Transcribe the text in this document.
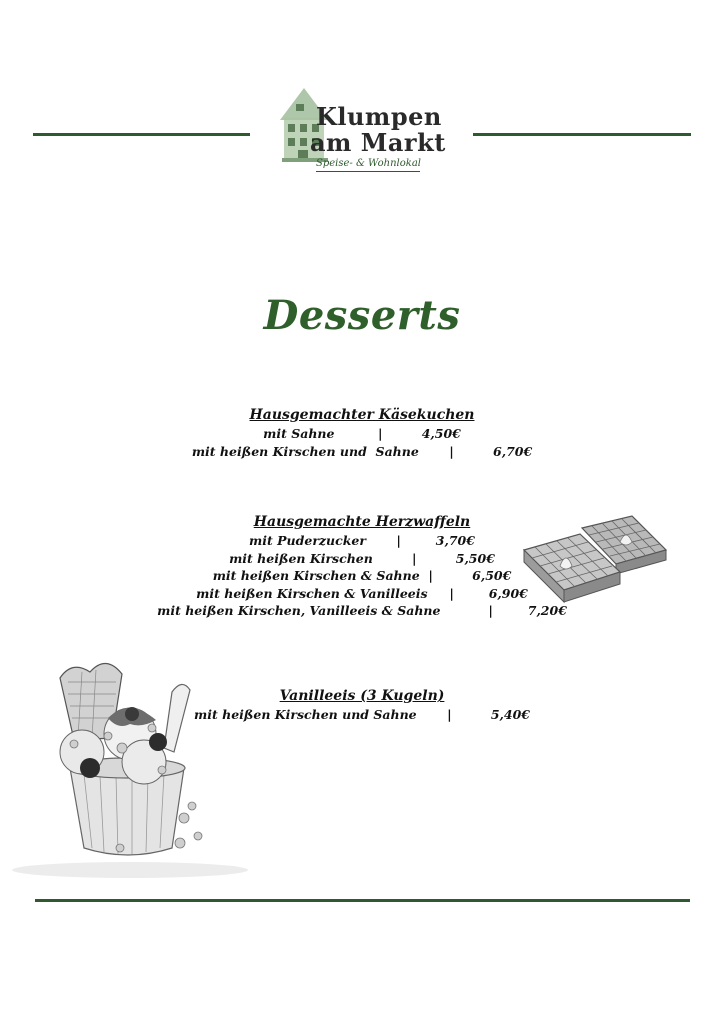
Klumpen
am Markt
Speise- & Wohnlokal
Desserts
Hausgemachter Käsekuchen
mit Sahne	|	4,50€
mit heißen Kirschen und  Sahne |	6,70€
Hausgemachte Herzwaffeln
mit Puderzucker |	3,70€
mit heißen Kirschen	|	5,50€
mit heißen Kirschen & Sahne |	6,50€
mit heißen Kirschen & Vanilleeis |	6,90€
mit heißen Kirschen, Vanilleeis & Sahne	|	7,20€
Vanilleeis (3 Kugeln)
mit heißen Kirschen und Sahne |	5,40€
